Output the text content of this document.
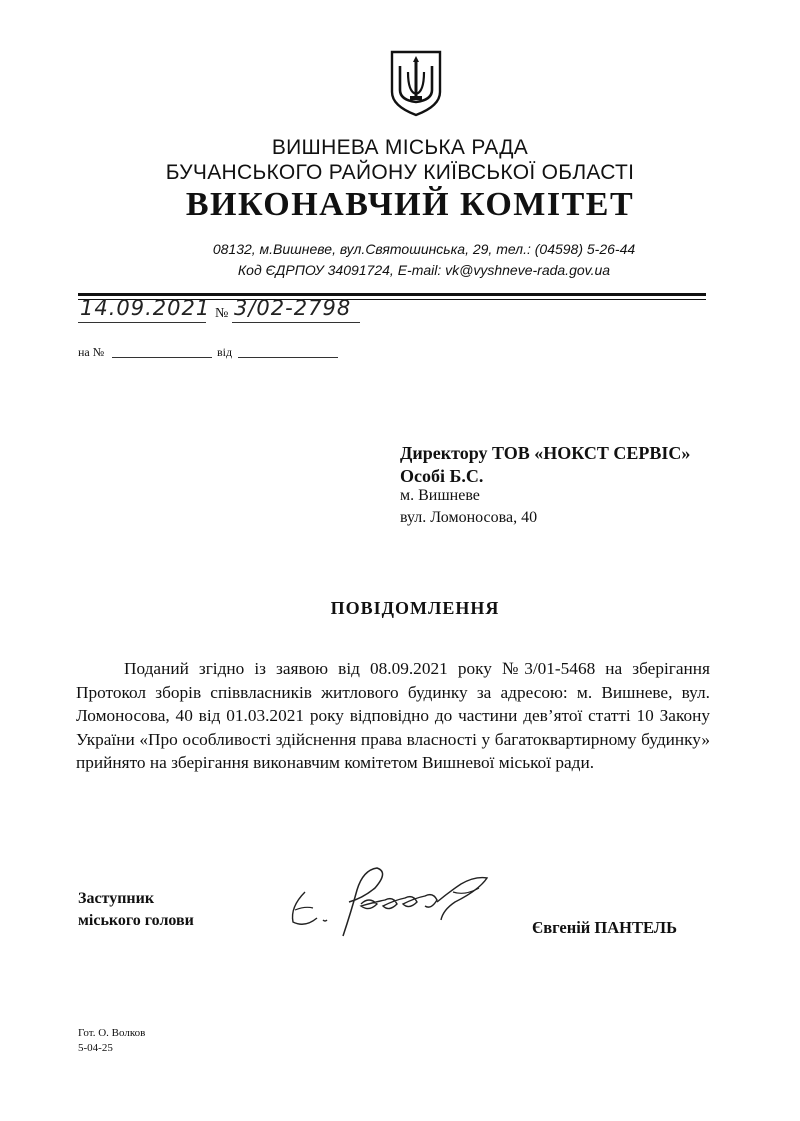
ВИШНЕВА МІСЬКА РАДА
БУЧАНСЬКОГО РАЙОНУ КИЇВСЬКОЇ ОБЛАСТІ
ВИКОНАВЧИЙ КОМІТЕТ
08132, м.Вишневе, вул.Святошинська, 29, тел.: (04598) 5-26-44
Код ЄДРПОУ 34091724, E-mail: vk@vyshneve-rada.gov.ua
14.09.2021 № 3/02-2798
на №	від
Директору ТОВ «НОКСТ СЕРВІС»
Особі Б.С.
м. Вишневе
вул. Ломоносова, 40
ПОВІДОМЛЕННЯ

Поданий згідно із заявою від 08.09.2021 року №3/01-5468 на зберігання Протокол зборів співвласників житлового будинку за адресою: м. Вишневе, вул. Ломоносова, 40 від 01.03.2021 року відповідно до частини дев’ятої статті 10 Закону України «Про особливості здійснення права власності у багатоквартирному будинку» прийнято на зберігання виконавчим комітетом Вишневої міської ради.

Заступник
міського голови	Євгеній ПАНТЕЛЬ
Гот. О. Волков
5-04-25
